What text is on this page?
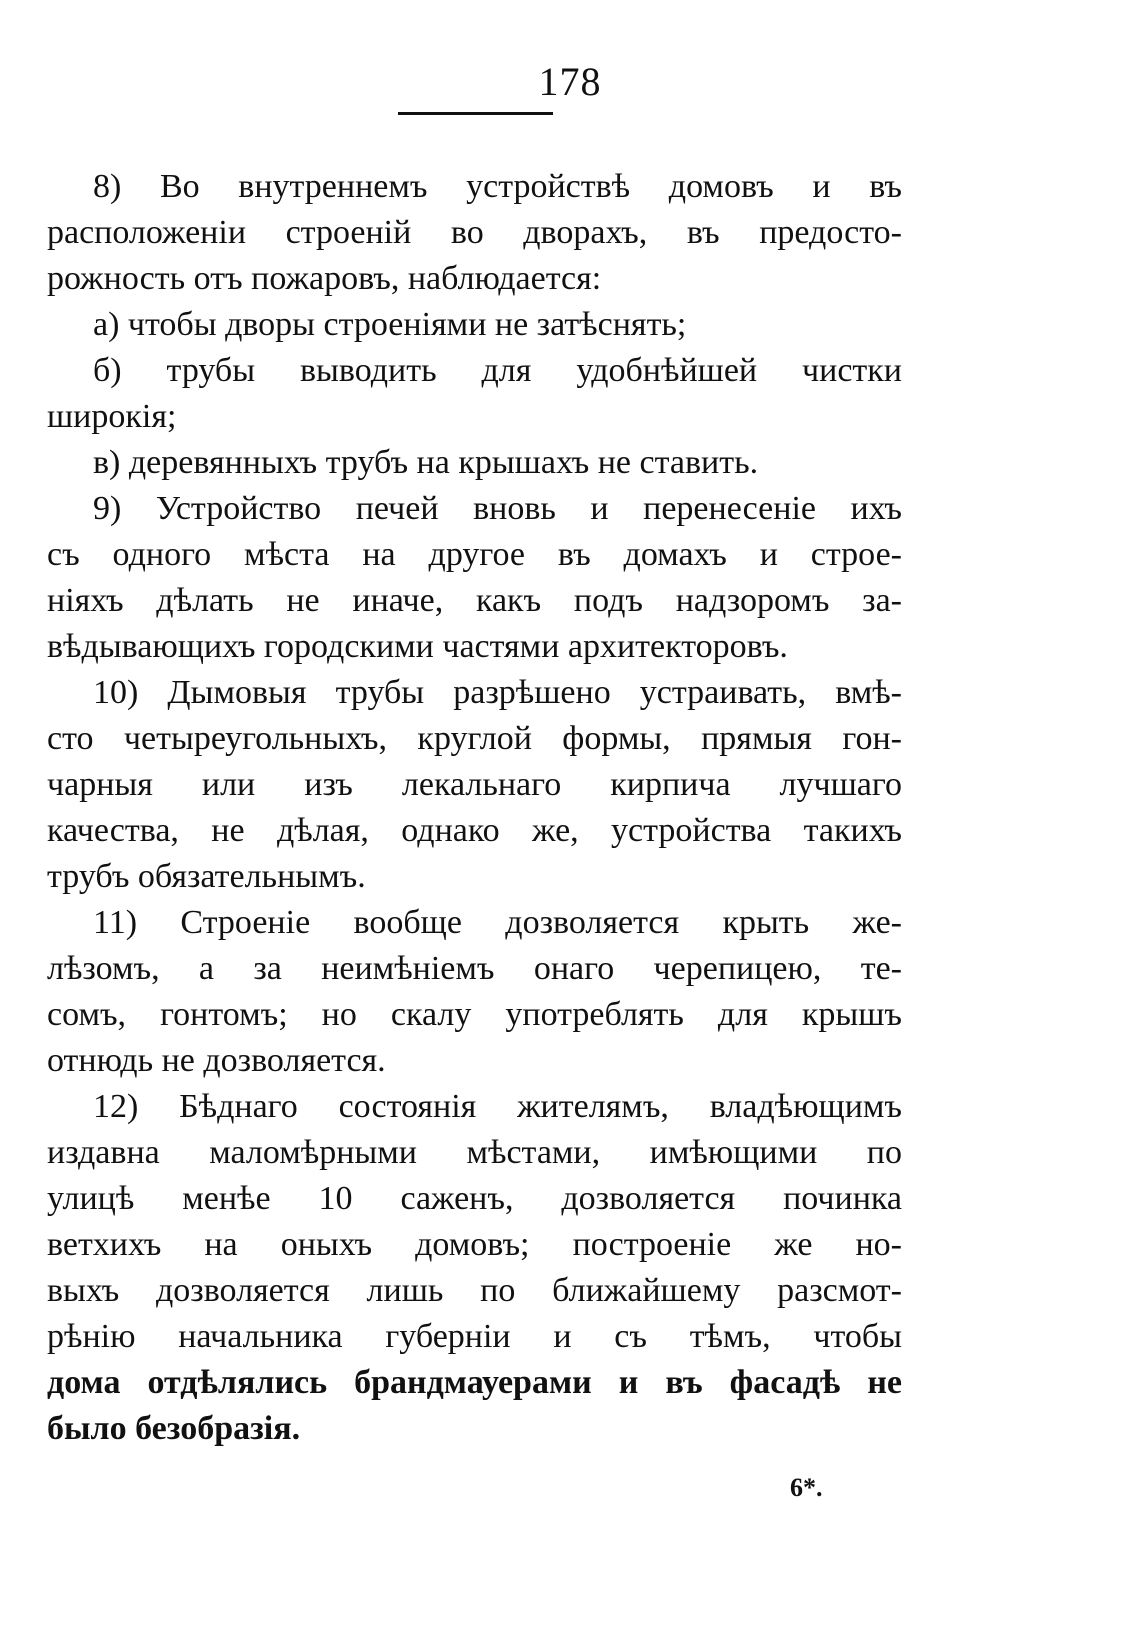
178
8) Во внутреннемъ устройствѣ домовъ и въ
расположеніи строеній во дворахъ, въ предосто-
рожность отъ пожаровъ, наблюдается:
а) чтобы дворы строеніями не затѣснять;
б) трубы выводить для удобнѣйшей чистки
широкія;
в) деревянныхъ трубъ на крышахъ не ставить.
9) Устройство печей вновь и перенесеніе ихъ
съ одного мѣста на другое въ домахъ и строе-
ніяхъ дѣлать не иначе, какъ подъ надзоромъ за-
вѣдывающихъ городскими частями архитекторовъ.
10) Дымовыя трубы разрѣшено устраивать, вмѣ-
сто четыреугольныхъ, круглой формы, прямыя гон-
чарныя или изъ лекальнаго кирпича лучшаго
качества, не дѣлая, однако же, устройства такихъ
трубъ обязательнымъ.
11) Строеніе вообще дозволяется крыть же-
лѣзомъ, а за неимѣніемъ онаго черепицею, те-
сомъ, гонтомъ; но скалу употреблять для крышъ
отнюдь не дозволяется.
12) Бѣднаго состоянія жителямъ, владѣющимъ
издавна маломѣрными мѣстами, имѣющими по
улицѣ менѣе 10 саженъ, дозволяется починка
ветхихъ на оныхъ домовъ; построеніе же но-
выхъ дозволяется лишь по ближайшему разсмот-
рѣнію начальника губерніи и съ тѣмъ, чтобы
дома отдѣлялись брандмауерами и въ фасадѣ не
было безобразія.
6*.
